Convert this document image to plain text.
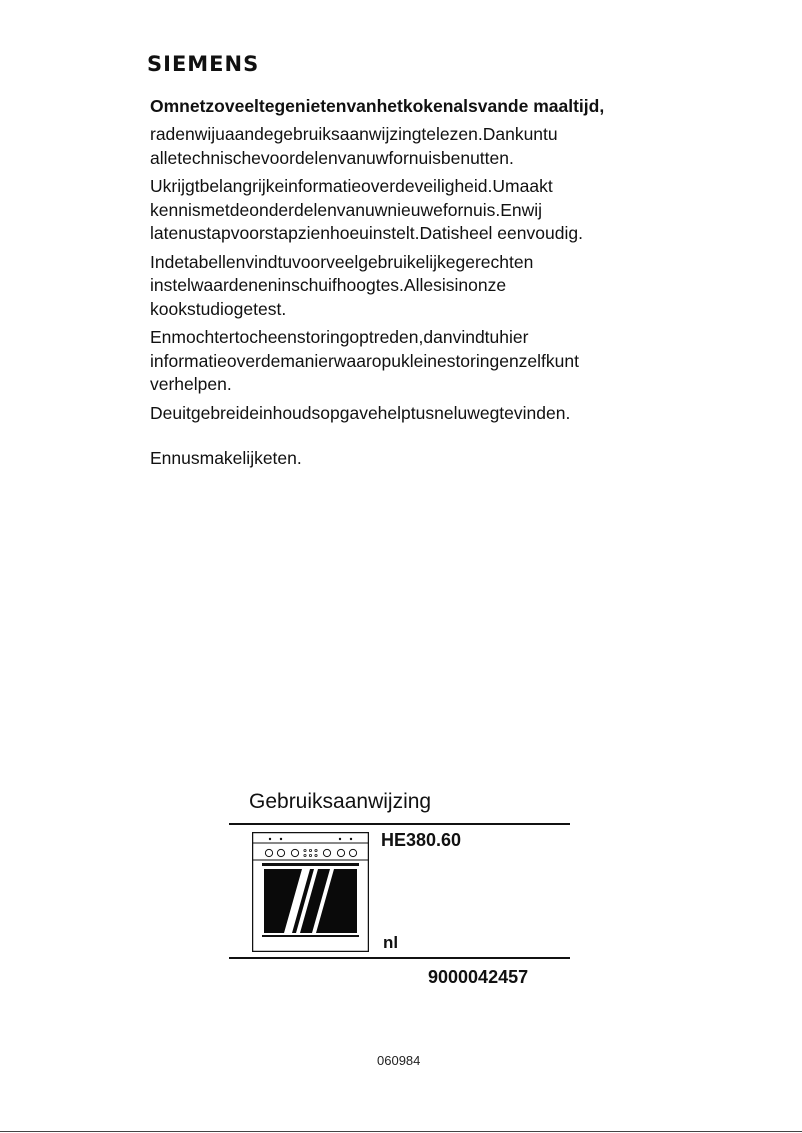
SIEMENS

Omnetzoveeltegenietenvanhetkokenalsvande maaltijd,

radenwijuaandegebruiksaanwijzingtelezen.Dankuntu alletechnischevoordelenvanuwfornuisbenutten.

Ukrijgtbelangrijkeinformatieoverdeveiligheid.Umaakt kennismetdeonderdelenvanuwnieuwefornuis.Enwij latenustapvoorstapzienhoeuinstelt.Datisheel eenvoudig.

Indetabellenvindtuvoorveelgebruikelijkegerechten instelwaardeneninschuifhoogtes.Allesisinonze kookstudiogetest.

Enmochtertocheenstoringoptreden,danvindtuhier informatieoverdemanierwaaropukleinestoringenzelfkunt verhelpen.

Deuitgebreideinhoudsopgavehelptusneluwegtevinden.

Ennusmakelijketen.

Gebruiksaanwijzing
HE380.60
nl
9000042457
060984
